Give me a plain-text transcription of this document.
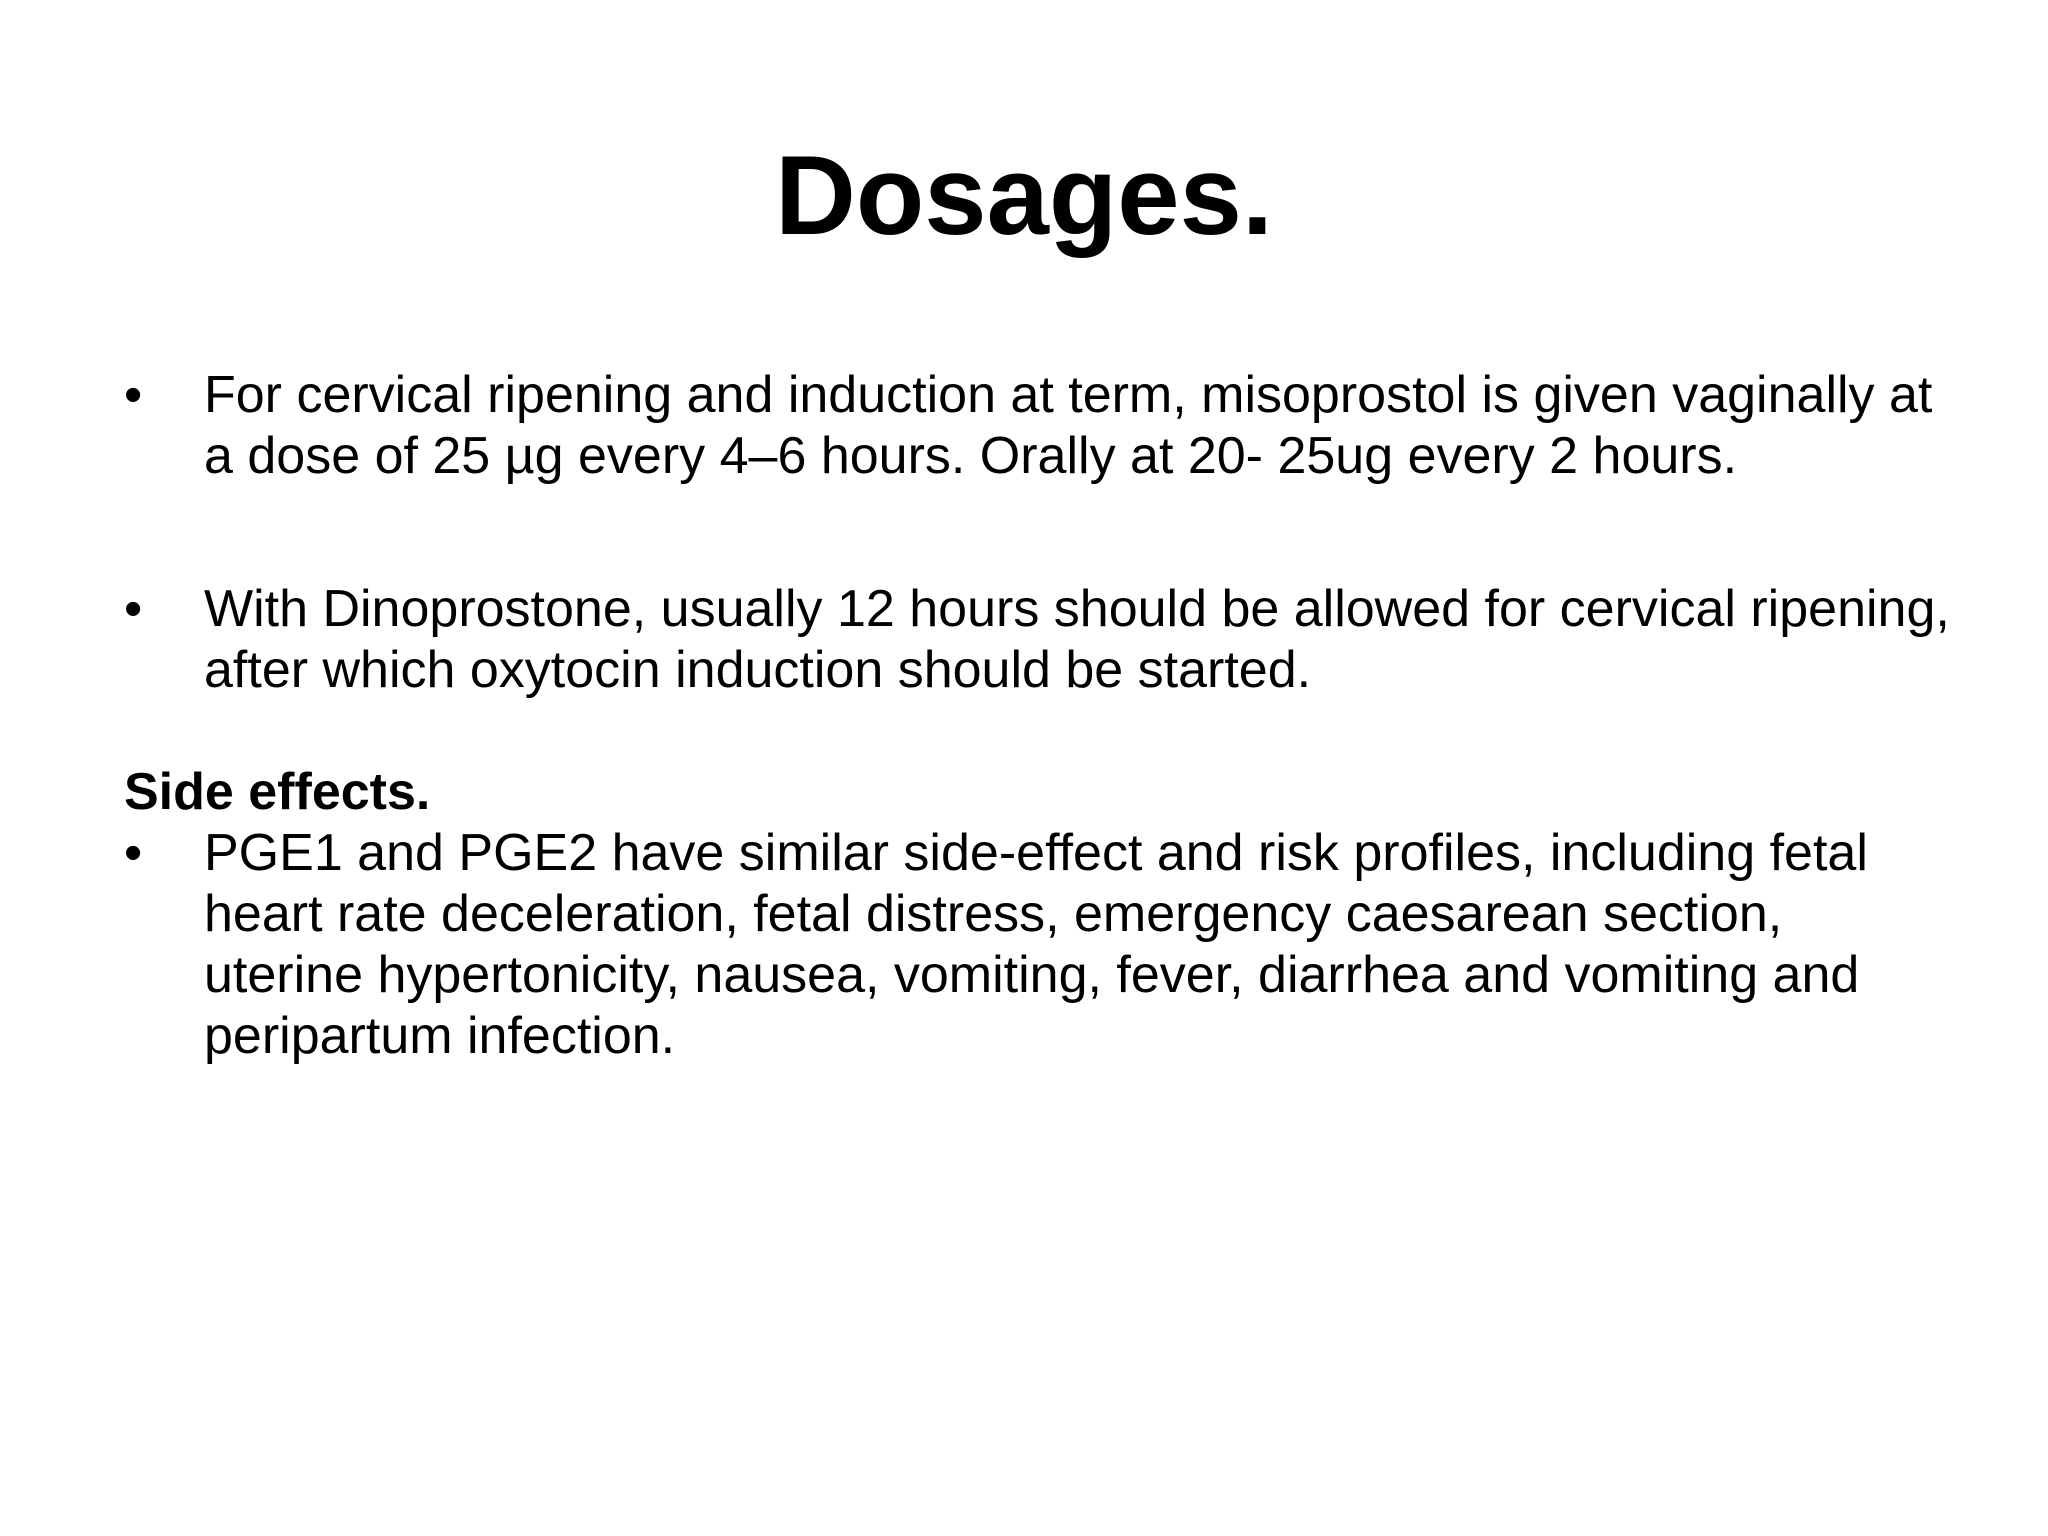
Dosages.
•	For cervical ripening and induction at term, misoprostol is given vaginally at a dose of 25 µg every 4–6 hours. Orally at 20- 25ug every 2 hours.
•	With Dinoprostone, usually 12 hours should be allowed for cervical ripening, after which oxytocin induction should be started.
Side effects.
•	PGE1 and PGE2 have similar side-effect and risk profiles, including fetal heart rate deceleration, fetal distress, emergency caesarean section, uterine hypertonicity, nausea, vomiting, fever, diarrhea and vomiting and peripartum infection.
